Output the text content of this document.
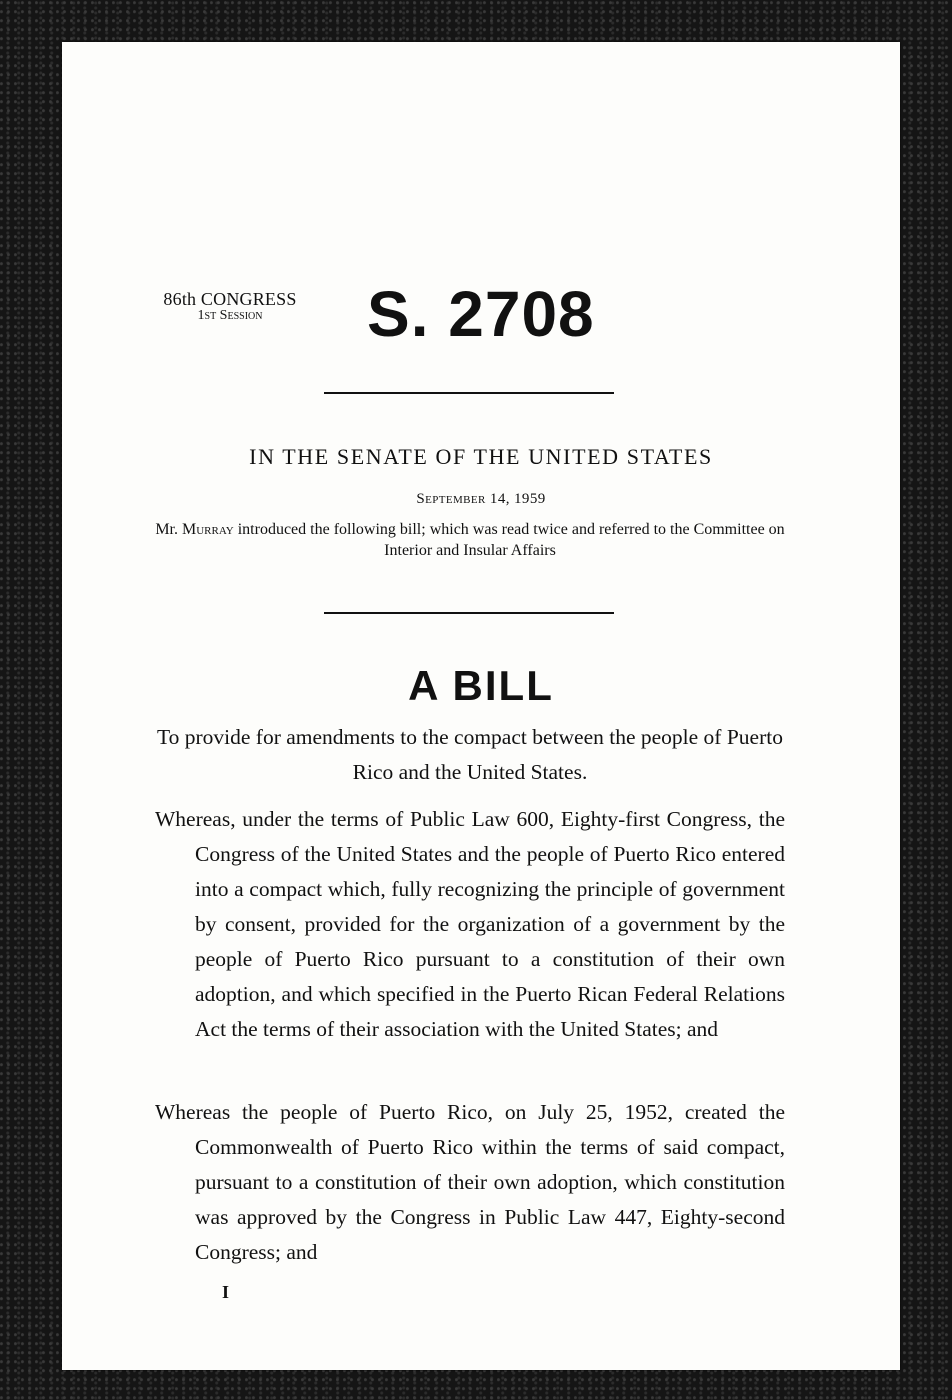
86th CONGRESS
1st Session	S. 2708
IN THE SENATE OF THE UNITED STATES
September 14, 1959
Mr. Murray introduced the following bill; which was read twice and referred to the Committee on Interior and Insular Affairs
A BILL
To provide for amendments to the compact between the people of Puerto Rico and the United States.
Whereas, under the terms of Public Law 600, Eighty-first Congress, the Congress of the United States and the people of Puerto Rico entered into a compact which, fully recognizing the principle of government by consent, provided for the organization of a government by the people of Puerto Rico pursuant to a constitution of their own adoption, and which specified in the Puerto Rican Federal Relations Act the terms of their association with the United States; and
Whereas the people of Puerto Rico, on July 25, 1952, created the Commonwealth of Puerto Rico within the terms of said compact, pursuant to a constitution of their own adoption, which constitution was approved by the Congress in Public Law 447, Eighty-second Congress; and
I
